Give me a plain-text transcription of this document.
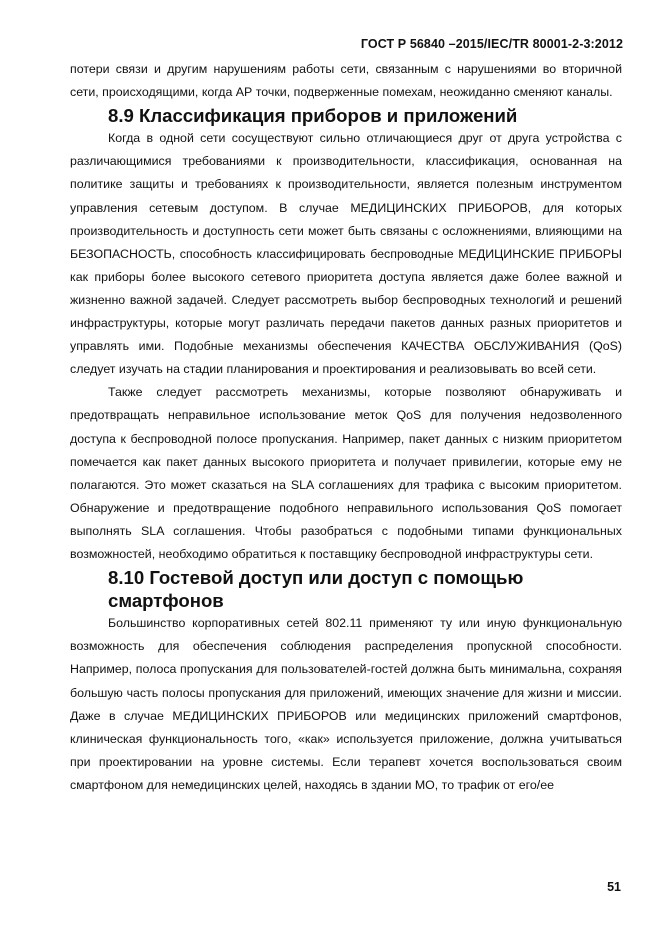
ГОСТ Р 56840 –2015/IEC/TR 80001-2-3:2012

потери связи и другим нарушениям работы сети, связанным с нарушениями во вторичной сети, происходящими, когда АР точки, подверженные помехам, неожиданно сменяют каналы.

8.9 Классификация приборов и приложений

Когда в одной сети сосуществуют сильно отличающиеся друг от друга устройства с различающимися требованиями к производительности, классификация, основанная на политике защиты и требованиях к производительности, является полезным инструментом управления сетевым доступом. В случае МЕДИЦИНСКИХ ПРИБОРОВ, для которых производительность и доступность сети может быть связаны с осложнениями, влияющими на БЕЗОПАСНОСТЬ, способность классифицировать беспроводные МЕДИЦИНСКИЕ ПРИБОРЫ как приборы более высокого сетевого приоритета доступа является даже более важной и жизненно важной задачей. Следует рассмотреть выбор беспроводных технологий и решений инфраструктуры, которые могут различать передачи пакетов данных разных приоритетов и управлять ими. Подобные механизмы обеспечения КАЧЕСТВА ОБСЛУЖИВАНИЯ (QoS) следует изучать на стадии планирования и проектирования и реализовывать во всей сети.

Также следует рассмотреть механизмы, которые позволяют обнаруживать и предотвращать неправильное использование меток QoS для получения недозволенного доступа к беспроводной полосе пропускания. Например, пакет данных с низким приоритетом помечается как пакет данных высокого приоритета и получает привилегии, которые ему не полагаются. Это может сказаться на SLA соглашениях для трафика с высоким приоритетом. Обнаружение и предотвращение подобного неправильного использования QoS помогает выполнять SLA соглашения. Чтобы разобраться с подобными типами функциональных возможностей, необходимо обратиться к поставщику беспроводной инфраструктуры сети.

8.10 Гостевой доступ или доступ с помощью смартфонов

Большинство корпоративных сетей 802.11 применяют ту или иную функциональную возможность для обеспечения соблюдения распределения пропускной способности. Например, полоса пропускания для пользователей-гостей должна быть минимальна, сохраняя большую часть полосы пропускания для приложений, имеющих значение для жизни и миссии. Даже в случае МЕДИЦИНСКИХ ПРИБОРОВ или медицинских приложений смартфонов, клиническая функциональность того, «как» используется приложение, должна учитываться при проектировании на уровне системы. Если терапевт хочется воспользоваться своим смартфоном для немедицинских целей, находясь в здании МО, то трафик от его/ее

51
